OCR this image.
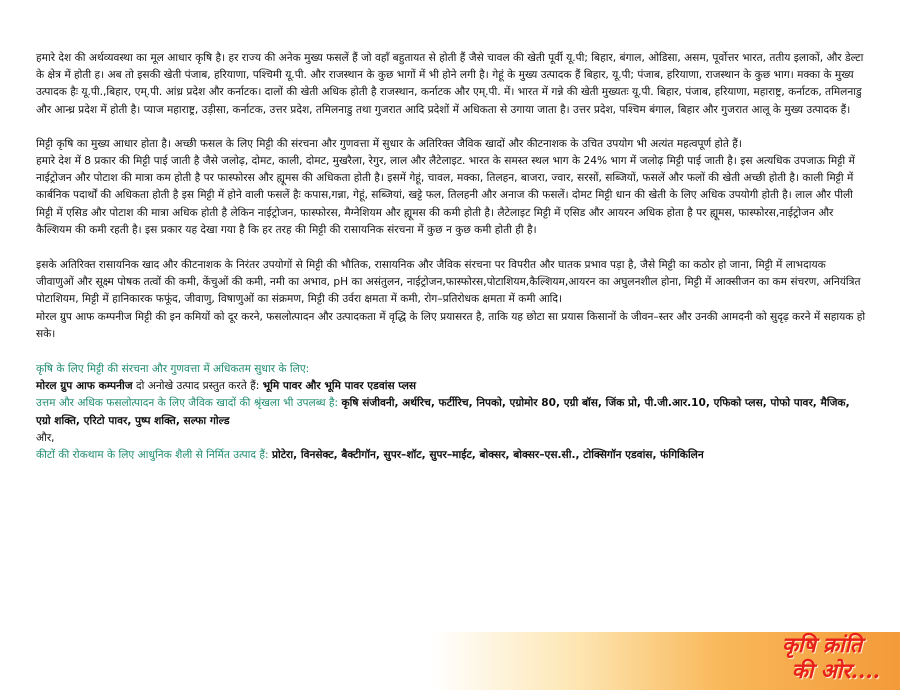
हमारे देश की अर्थव्यवस्था का मूल आधार कृषि है। हर राज्य की अनेक मुख्य फसलें हैं जो वहाँ बहुतायत से होती हैं जैसे चावल की खेती पूर्वी यू.पी; बिहार, बंगाल, ओडिसा, असम, पूर्वोत्तर भारत, ततीय इलाकों, और डेल्टा के क्षेत्र में होती ह। अब तो इसकी खेती पंजाब, हरियाणा, पश्चिमी यू.पी. और राजस्थान के कुछ भागों में भी होने लगी है। गेहूं के मुख्य उत्पादक हैं बिहार, यू.पी; पंजाब, हरियाणा, राजस्थान के कुछ भाग। मक्का के मुख्य उत्पादक हैः यू.पी.,बिहार, एम्.पी. आंध्र प्रदेश और कर्नाटक। दालों की खेती अधिक होती है राजस्थान, कर्नाटक और एम्.पी. में। भारत में गन्ने की खेती मुख्यतः यू.पी. बिहार, पंजाब, हरियाणा, महाराष्ट्र, कर्नाटक, तमिलनाडु और आन्ध्र प्रदेश में होती है। प्याज महाराष्ट्र, उड़ीसा, कर्नाटक, उत्तर प्रदेश, तमिलनाडु तथा गुजरात आदि प्रदेशों में अधिकता से उगाया जाता है। उत्तर प्रदेश, पश्चिम बंगाल, बिहार और गुजरात आलू के मुख्य उत्पादक हैं।

मिट्टी कृषि का मुख्य आधार होता है। अच्छी फसल के लिए मिट्टी की संरचना और गुणवत्ता में सुधार के अतिरिक्त जैविक खादों और कीटनाशक के उचित उपयोग भी अत्यंत महत्वपूर्ण होते हैं।

हमारे देश में 8 प्रकार की मिट्टी पाई जाती है जैसे जलोढ़, दोमट, काली, दोमट, मुखरैला, रेगुर, लाल और लैटेलाइट. भारत के समस्त स्थल भाग के 24% भाग में जलोढ़ मिट्टी पाई जाती है। इस अत्यधिक उपजाऊ मिट्टी में नाईट्रोजन और पोटाश की मात्रा कम होती है पर फास्फोरस और ह्यूमस की अधिकता होती है। इसमें गेहूं, चावल, मक्का, तिलहन, बाजरा, ज्वार, सरसों, सब्जियों, फसलें और फलों की खेती अच्छी होती है। काली मिट्टी में कार्बनिक पदार्थों की अधिकता होती है इस मिट्टी में होने वाली फसलें हैः कपास,गन्ना, गेहूं, सब्जियां, खट्टे फल, तिलहनी और अनाज की फसलें। दोमट मिट्टी धान की खेती के लिए अधिक उपयोगी होती है। लाल और पीली मिट्टी में एसिड और पोटाश की मात्रा अधिक होती है लेकिन नाईट्रोजन, फास्फोरस, मैग्नेशियम और ह्यूमस की कमी होती है। लैटेलाइट मिट्टी में एसिड और आयरन अधिक होता है पर ह्यूमस, फास्फोरस,नाईट्रोजन और कैल्शियम की कमी रहती है। इस प्रकार यह देखा गया है कि हर तरह की मिट्टी की रासायनिक संरचना में कुछ न कुछ कमी होती ही है।

इसके अतिरिक्त रासायनिक खाद और कीटनाशक के निरंतर उपयोगों से मिट्टी की भौतिक, रासायनिक और जैविक संरचना पर विपरीत और घातक प्रभाव पड़ा है, जैसे मिट्टी का कठोर हो जाना, मिट्टी में लाभदायक जीवाणुओं और सूक्ष्म पोषक तत्वों की कमी, केंचुओं की कमी, नमी का अभाव, pH का असंतुलन, नाईट्रोजन,फास्फोरस,पोटाशियम,कैल्शियम,आयरन का अघुलनशील होना, मिट्टी में आक्सीजन का कम संचरण, अनियंत्रित पोटाशियम, मिट्टी में हानिकारक फफूंद, जीवाणु, विषाणुओं का संक्रमण, मिट्टी की उर्वरा क्षमता में कमी, रोग–प्रतिरोधक क्षमता में कमी आदि।

मोरल ग्रुप आफ कम्पनीज मिट्टी की इन कमियों को दूर करने, फसलोत्पादन और उत्पादकता में वृद्धि के लिए प्रयासरत है, ताकि यह छोटा सा प्रयास किसानों के जीवन–स्तर और उनकी आमदनी को सुदृढ़ करने में सहायक हो सके।

कृषि के लिए मिट्टी की संरचना और गुणवत्ता में अधिकतम सुधार के लिए:

मोरल ग्रुप आफ कम्पनीज दो अनोखे उत्पाद प्रस्तुत करते हैं: भूमि पावर और भूमि पावर एडवांस प्लस

उत्तम और अधिक फसलोत्पादन के लिए जैविक खादों की श्रृंखला भी उपलब्ध है: कृषि संजीवनी, अर्थरिच, फर्टीरिच, निपको, एग्रोमोर 80, एग्री बॉस, जिंक प्रो, पी.जी.आर.10, एफिको प्लस, पोफो पावर, मैजिक, एग्रो शक्ति, एरिटो पावर, पुष्प शक्ति, सल्फा गोल्ड

और,

कीटों की रोकथाम के लिए आधुनिक शैली से निर्मित उत्पाद हैं: प्रोटेरा, विनसेक्ट, बैक्टीगॉन, सुपर–शॉट, सुपर–माईट, बोक्सर, बोक्सर–एस.सी., टोक्सिगॉन एडवांस, फंगिकिलिन

कृषि क्रांति
की ओर....
